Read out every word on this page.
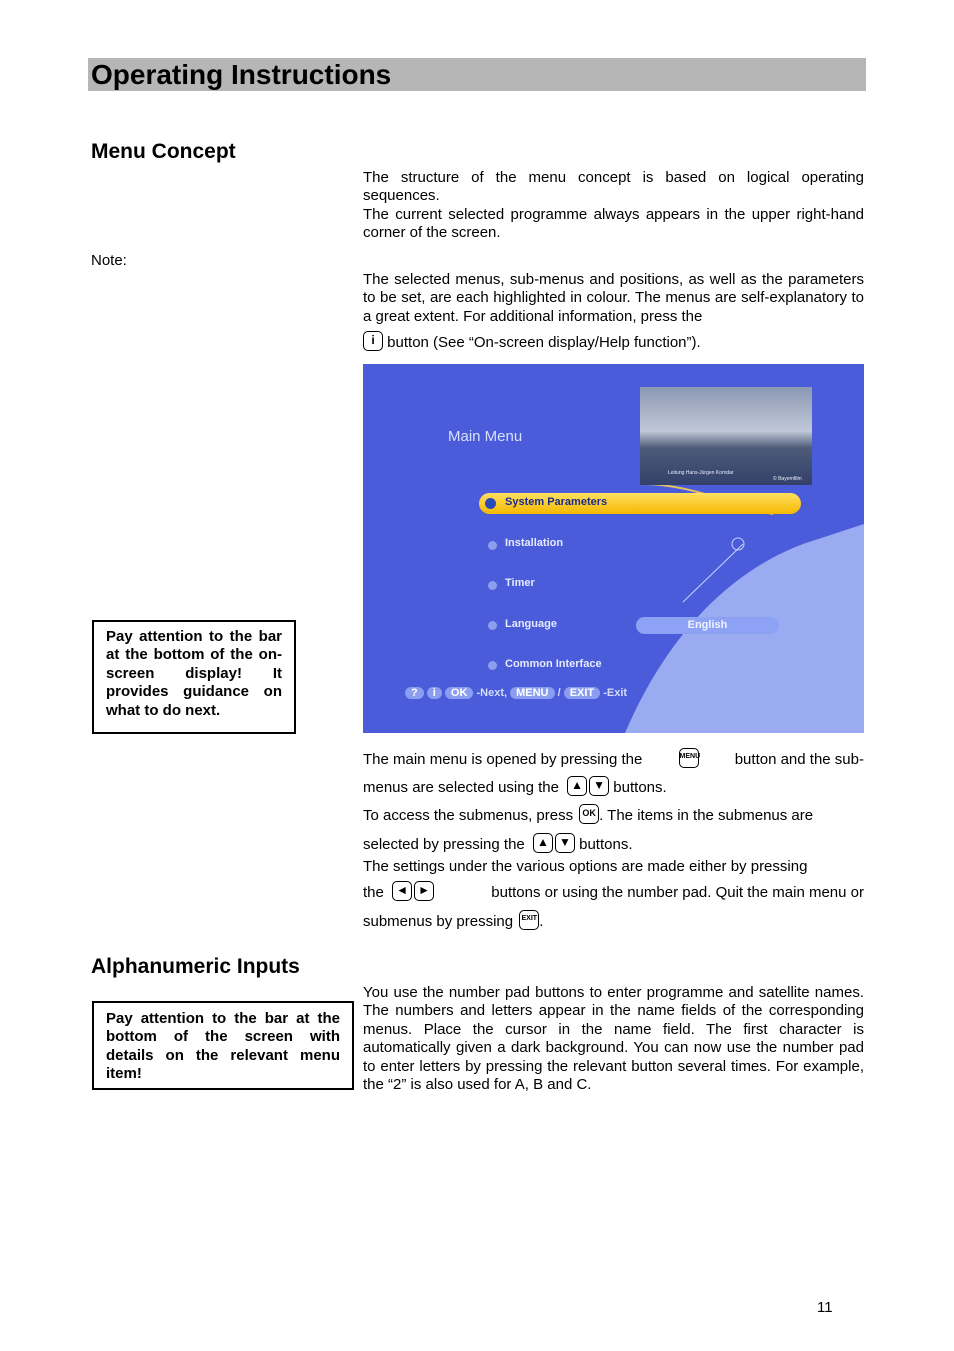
Operating Instructions
Menu Concept
The structure of the menu concept is based on logical operating sequences.
The current selected programme always appears in the upper right-hand corner of the screen.
Note:
The selected menus, sub-menus and positions, as well as the parameters to be set, are each highlighted in colour. The menus are self-explanatory to a great extent. For additional information, press the
i button (See “On-screen display/Help function”).
Leitung Hans-Jürgen Korndar
© Bayernfilm
Main Menu
System Parameters
Installation
Timer
Language	English
Common Interface
? i OK -Next, MENU / EXIT -Exit
The main menu is opened by pressing the	MENU button and the sub-
menus are selected using the ▲ ▼ buttons.
To access the submenus, press	OK . The items in the submenus are
selected by pressing the ▲ ▼ buttons.
The settings under the various options are made either by pressing
the ◄ ►	buttons or using the number pad. Quit the main menu or
submenus by pressing EXIT .
Pay attention to the bar at the bottom of the on-screen display! It provides guidance on what to do next.
Alphanumeric Inputs
Pay attention to the bar at the bottom of the screen with details on the relevant menu item!
You use the number pad buttons to enter programme and satellite names. The numbers and letters appear in the name fields of the corresponding menus. Place the cursor in the name field. The first character is automatically given a dark background. You can now use the number pad to enter letters by pressing the relevant button several times. For example, the “2” is also used for A, B and C.
11
